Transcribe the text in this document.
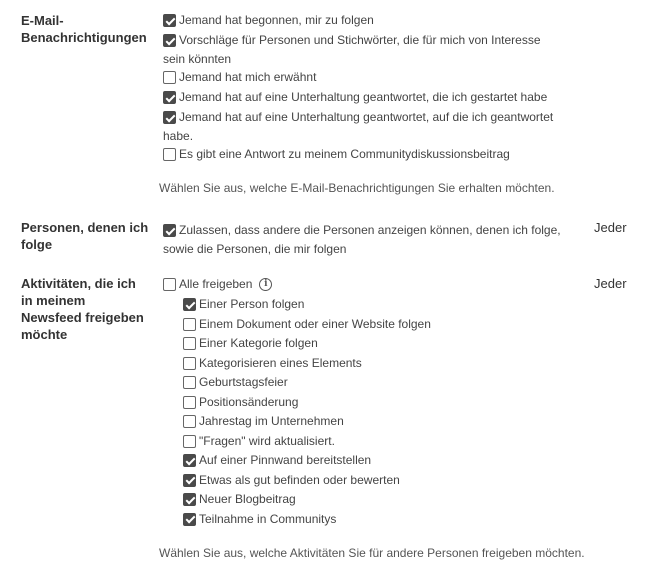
E-Mail-
Benachrichtigungen
Jemand hat begonnen, mir zu folgen
Vorschläge für Personen und Stichwörter, die für mich von Interesse sein könnten
Jemand hat mich erwähnt
Jemand hat auf eine Unterhaltung geantwortet, die ich gestartet habe
Jemand hat auf eine Unterhaltung geantwortet, auf die ich geantwortet habe.
Es gibt eine Antwort zu meinem Communitydiskussionsbeitrag
Wählen Sie aus, welche E-Mail-Benachrichtigungen Sie erhalten möchten.
Personen, denen ich
folge
Zulassen, dass andere die Personen anzeigen können, denen ich folge, sowie die Personen, die mir folgen
Jeder
Aktivitäten, die ich
in meinem
Newsfeed freigeben
möchte
Alle freigeben	i	Jeder
Einer Person folgen
Einem Dokument oder einer Website folgen
Einer Kategorie folgen
Kategorisieren eines Elements
Geburtstagsfeier
Positionsänderung
Jahrestag im Unternehmen
"Fragen" wird aktualisiert.
Auf einer Pinnwand bereitstellen
Etwas als gut befinden oder bewerten
Neuer Blogbeitrag
Teilnahme in Communitys
Wählen Sie aus, welche Aktivitäten Sie für andere Personen freigeben möchten.
